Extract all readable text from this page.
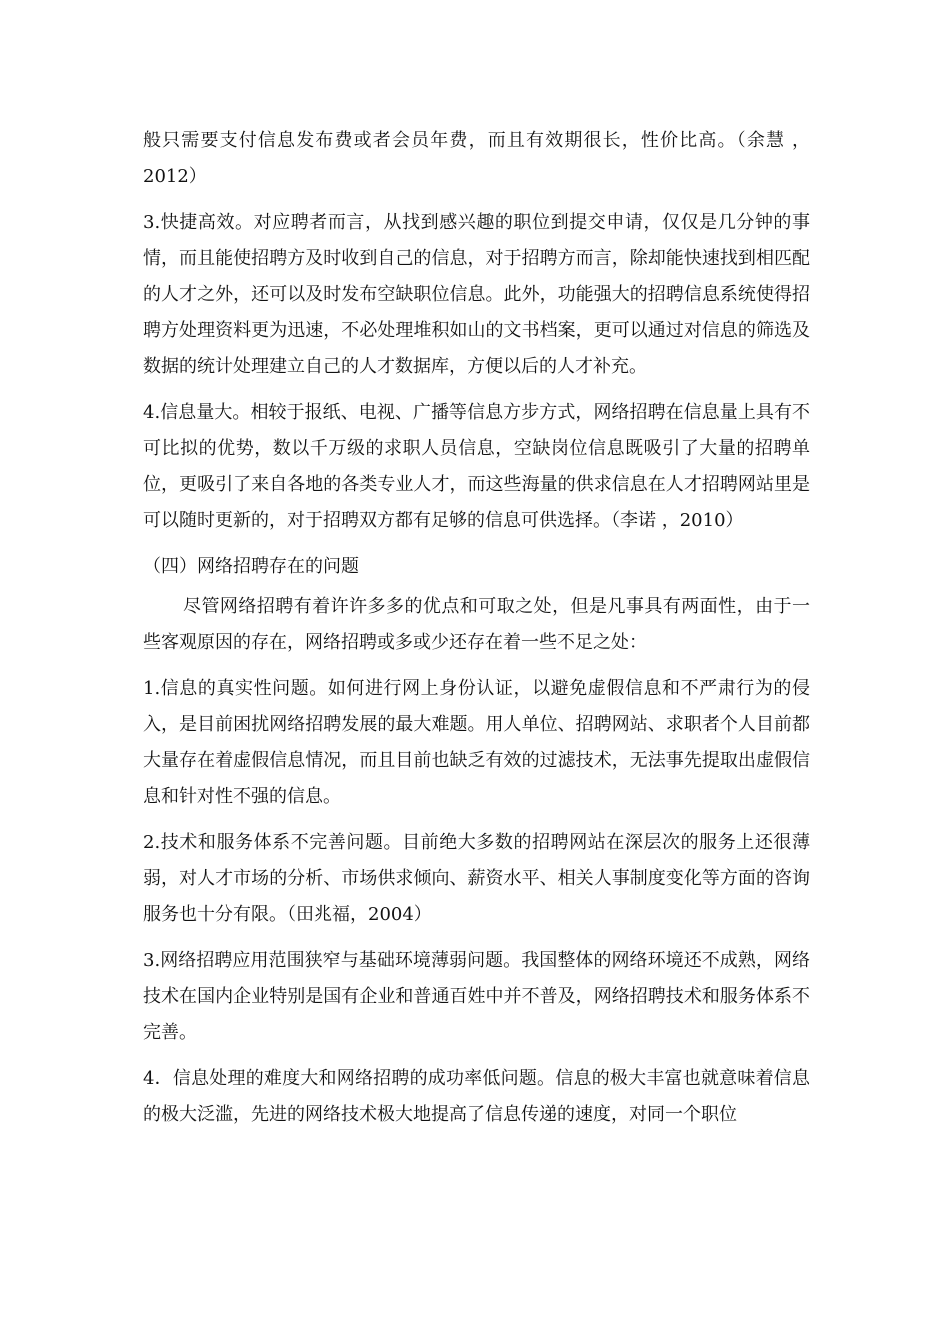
般只需要支付信息发布费或者会员年费，而且有效期很长，性价比高。（余慧 ，2012）

3.快捷高效。对应聘者而言，从找到感兴趣的职位到提交申请，仅仅是几分钟的事情，而且能使招聘方及时收到自己的信息，对于招聘方而言，除却能快速找到相匹配的人才之外，还可以及时发布空缺职位信息。此外，功能强大的招聘信息系统使得招聘方处理资料更为迅速，不必处理堆积如山的文书档案，更可以通过对信息的筛选及数据的统计处理建立自己的人才数据库，方便以后的人才补充。

4.信息量大。相较于报纸、电视、广播等信息方步方式，网络招聘在信息量上具有不可比拟的优势，数以千万级的求职人员信息，空缺岗位信息既吸引了大量的招聘单位，更吸引了来自各地的各类专业人才，而这些海量的供求信息在人才招聘网站里是可以随时更新的，对于招聘双方都有足够的信息可供选择。（李诺 ，2010）

（四）网络招聘存在的问题

尽管网络招聘有着许许多多的优点和可取之处，但是凡事具有两面性，由于一些客观原因的存在，网络招聘或多或少还存在着一些不足之处：

1.信息的真实性问题。如何进行网上身份认证，以避免虚假信息和不严肃行为的侵入，是目前困扰网络招聘发展的最大难题。用人单位、招聘网站、求职者个人目前都大量存在着虚假信息情况，而且目前也缺乏有效的过滤技术，无法事先提取出虚假信息和针对性不强的信息。

2.技术和服务体系不完善问题。目前绝大多数的招聘网站在深层次的服务上还很薄弱，对人才市场的分析、市场供求倾向、薪资水平、相关人事制度变化等方面的咨询服务也十分有限。（田兆福，2004）

3.网络招聘应用范围狭窄与基础环境薄弱问题。我国整体的网络环境还不成熟，网络技术在国内企业特别是国有企业和普通百姓中并不普及，网络招聘技术和服务体系不完善。

4．信息处理的难度大和网络招聘的成功率低问题。信息的极大丰富也就意味着信息的极大泛滥，先进的网络技术极大地提高了信息传递的速度，对同一个职位
